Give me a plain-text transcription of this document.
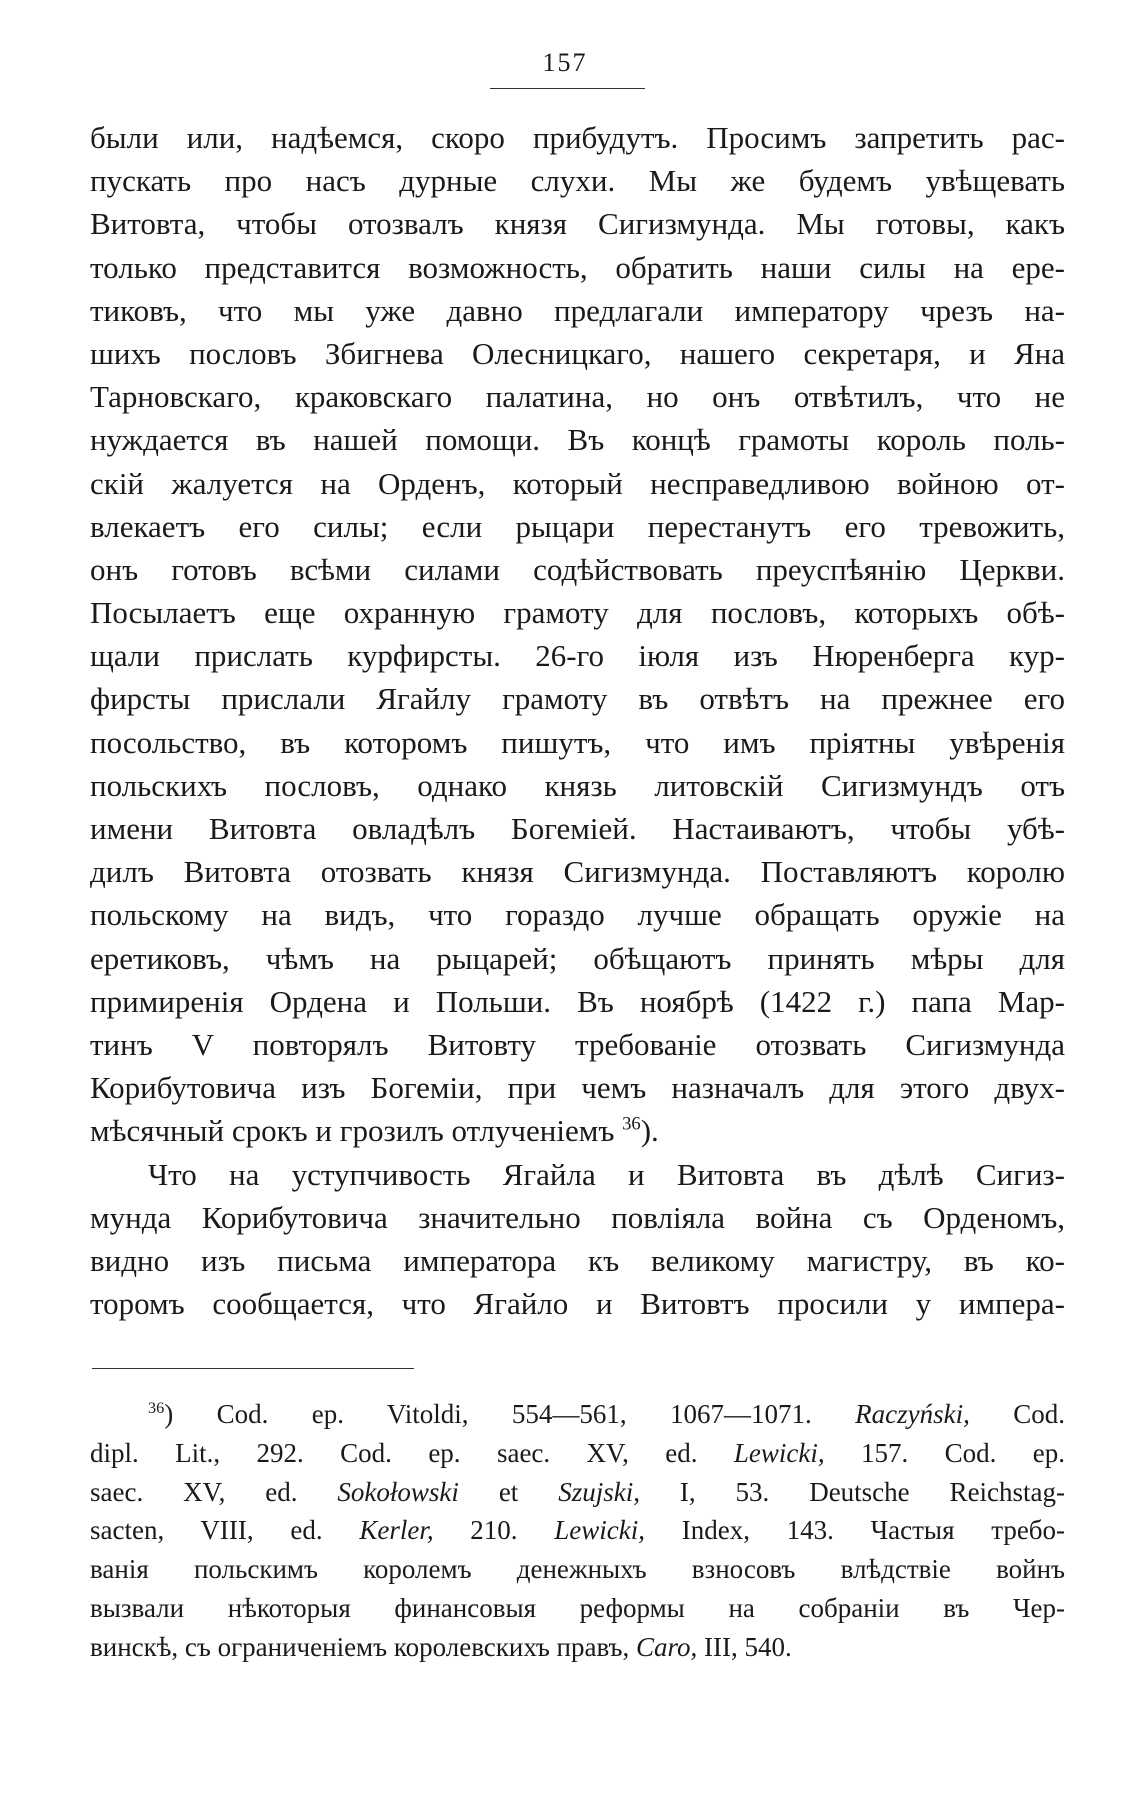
157

были или, надѣемся, скоро прибудутъ. Просимъ запретить рас-
пускать про насъ дурные слухи. Мы же будемъ увѣщевать
Витовта, чтобы отозвалъ князя Сигизмунда. Мы готовы, какъ
только представится возможность, обратить наши силы на ере-
тиковъ, что мы уже давно предлагали императору чрезъ на-
шихъ пословъ Збигнева Олесницкаго, нашего секретаря, и Яна
Тарновскаго, краковскаго палатина, но онъ отвѣтилъ, что не
нуждается въ нашей помощи. Въ концѣ грамоты король поль-
скій жалуется на Орденъ, который несправедливою войною от-
влекаетъ его силы; если рыцари перестанутъ его тревожить,
онъ готовъ всѣми силами содѣйствовать преуспѣянію Церкви.
Посылаетъ еще охранную грамоту для пословъ, которыхъ обѣ-
щали прислать курфирсты. 26-го іюля изъ Нюренберга кур-
фирсты прислали Ягайлу грамоту въ отвѣтъ на прежнее его
посольство, въ которомъ пишутъ, что имъ пріятны увѣренія
польскихъ пословъ, однако князь литовскій Сигизмундъ отъ
имени Витовта овладѣлъ Богеміей. Настаиваютъ, чтобы убѣ-
дилъ Витовта отозвать князя Сигизмунда. Поставляютъ королю
польскому на видъ, что гораздо лучше обращать оружіе на
еретиковъ, чѣмъ на рыцарей; обѣщаютъ принять мѣры для
примиренія Ордена и Польши. Въ ноябрѣ (1422 г.) папа Мар-
тинъ V повторялъ Витовту требованіе отозвать Сигизмунда
Корибутовича изъ Богеміи, при чемъ назначалъ для этого двух-
мѣсячный срокъ и грозилъ отлученіемъ $^{36}$).
Что на уступчивость Ягайла и Витовта въ дѣлѣ Сигиз-
мунда Корибутовича значительно повліяла война съ Орденомъ,
видно изъ письма императора къ великому магистру, въ ко-
торомъ сообщается, что Ягайло и Витовтъ просили у импера-
$^{36}$) Cod. ep. Vitoldi, 554—561, 1067—1071. Raczyński, Cod.
dipl. Lit., 292. Cod. ep. saec. XV, ed. Lewicki, 157. Cod. ep.
saec. XV, ed. Sokołowski et Szujski, I, 53. Deutsche Reichstag-
sacten, VIII, ed. Kerler, 210. Lewicki, Index, 143. Частыя требо-
ванія польскимъ королемъ денежныхъ взносовъ влѣдствіе войнъ
вызвали нѣкоторыя финансовыя реформы на собраніи въ Чер-
винскѣ, съ ограниченіемъ королевскихъ правъ, Caro, III, 540.
